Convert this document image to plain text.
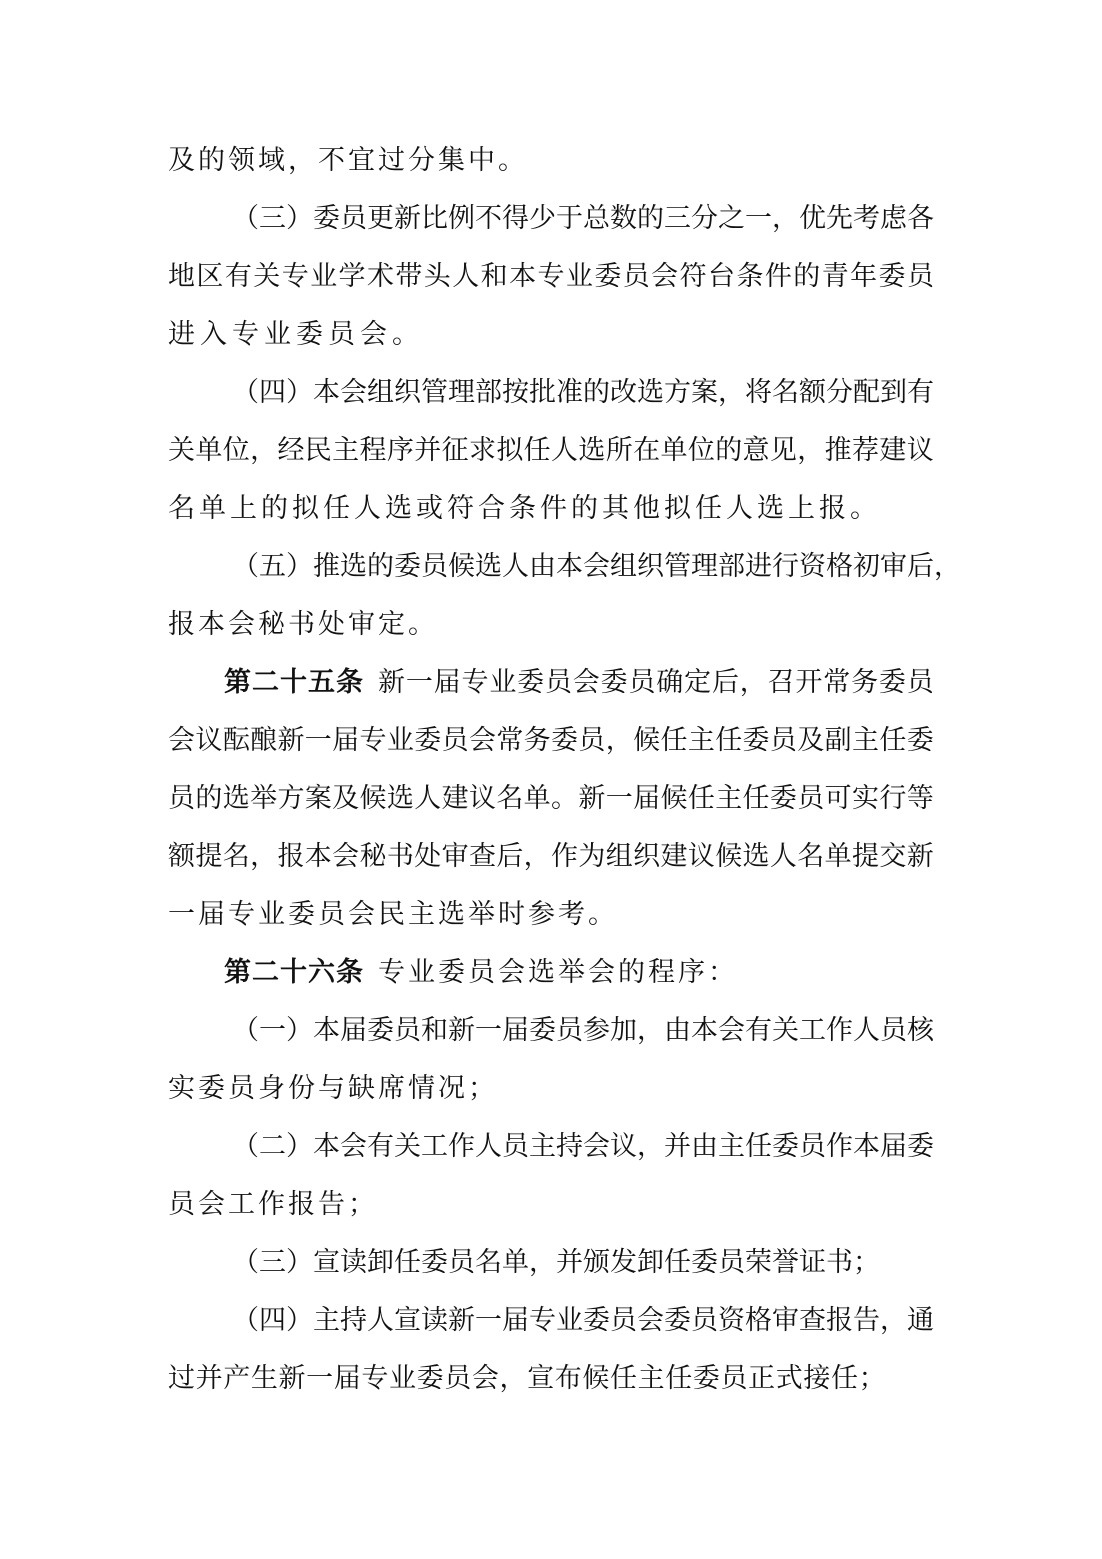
及的领域，不宜过分集中。
（ 三 ） 委 员 更 新 比 例 不 得 少 于 总 数 的 三 分 之 一 ， 优 先 考 虑 各
地 区 有 关 专 业 学 术 带 头 人 和 本 专 业 委 员 会 符 台 条 件 的 青 年 委 员
进入专业委员会。
（ 四 ） 本 会 组 织 管 理 部 按 批 准 的 改 选 方 案 ， 将 名 额 分 配 到 有
关 单 位 ， 经 民 主 程 序 并 征 求 拟 任 人 选 所 在 单 位 的 意 见 ， 推 荐 建 议
名单上的拟任人选或符合条件的其他拟任人选上报。
（ 五 ） 推 选 的 委 员 候 选 人 由 本 会 组 织 管 理 部 进 行 资 格 初 审 后 ，
报本会秘书处审定。
第二十五条 新 一 届 专 业 委 员 会 委 员 确 定 后 ， 召 开 常 务 委 员
会 议 酝 酿 新 一 届 专 业 委 员 会 常 务 委 员 ， 候 任 主 任 委 员 及 副 主 任 委
员 的 选 举 方 案 及 候 选 人 建 议 名 单 。 新 一 届 候 任 主 任 委 员 可 实 行 等
额 提 名 ， 报 本 会 秘 书 处 审 查 后 ， 作 为 组 织 建 议 候 选 人 名 单 提 交 新
一届专业委员会民主选举时参考。
第二十六条 专业委员会选举会的程序：
（ 一 ） 本 届 委 员 和 新 一 届 委 员 参 加 ， 由 本 会 有 关 工 作 人 员 核
实委员身份与缺席情况；
（ 二 ） 本 会 有 关 工 作 人 员 主 持 会 议 ， 并 由 主 任 委 员 作 本 届 委
员会工作报告；
（ 三 ） 宣 读 卸 任 委 员 名 单 ， 并 颁 发 卸 任 委 员 荣 誉 证 书 ；
（ 四 ） 主 持 人 宣 读 新 一 届 专 业 委 员 会 委 员 资 格 审 查 报 告 ， 通
过 并 产 生 新 一 届 专 业 委 员 会 ， 宣 布 候 任 主 任 委 员 正 式 接 任 ；
